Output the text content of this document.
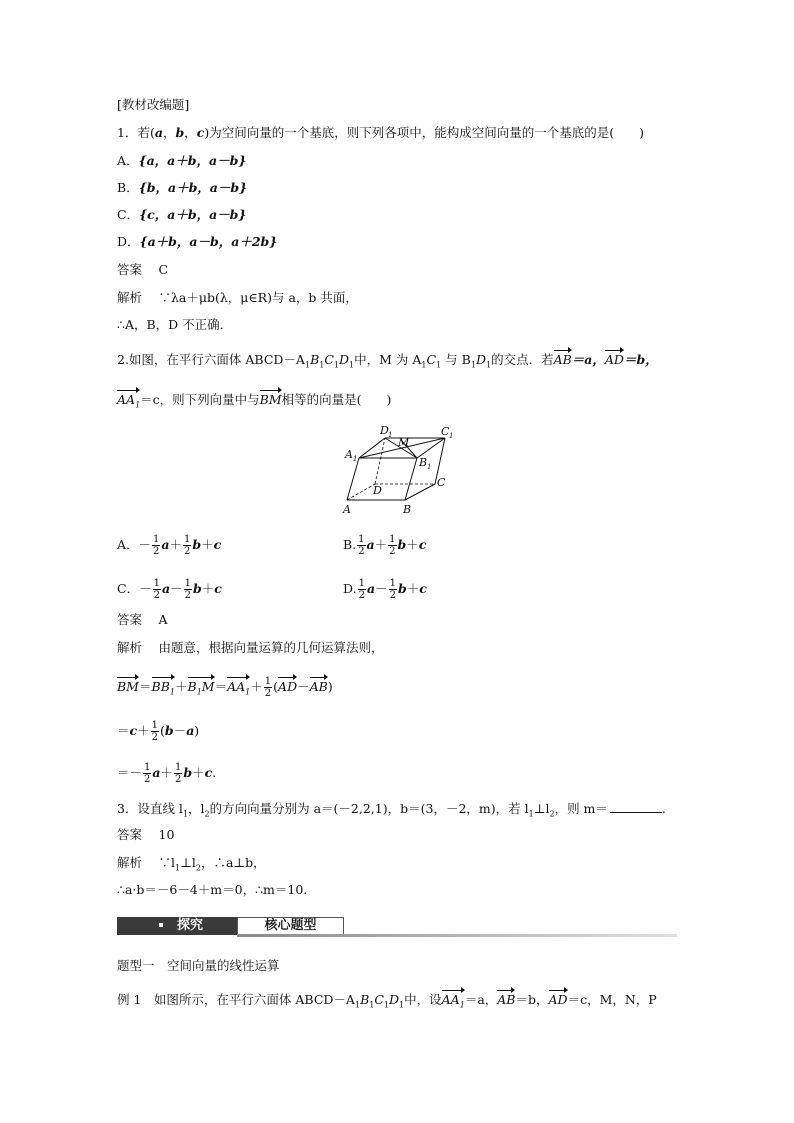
[教材改编题]
1．若(a，b，c)为空间向量的一个基底，则下列各项中，能构成空间向量的一个基底的是(　　)
A．{a，a＋b，a－b}
B．{b，a＋b，a－b}
C．{c，a＋b，a－b}
D．{a＋b，a－b，a＋2b}
答案　 C
解析　 ∵λa＋μb(λ，μ∈R)与 a，b 共面，
∴A，B，D 不正确．
2.如图，在平行六面体 $ABCD-A_1B_1C_1D_1$中，M 为 $A_1C_1$ 与 $B_1D_1$的交点．若AB＝a，AD＝b，
$AA_1=c$，则下列向量中与BM相等的向量是(　　)
A	B
C
D
A 1	B 1
C 1
D 1
M
A．－ $\frac{1}{2} a+ \frac{1}{2} b+c$	B. $\frac{1}{2} a+ \frac{1}{2} b+c$
C．－ $\frac{1}{2} a- \frac{1}{2} b+c$	D. $\frac{1}{2} a- \frac{1}{2} b+c$
答案　 A
解析　 由题意，根据向量运算的几何运算法则，
$BM=BB_1+B_1M=AA_1+ \frac{1}{2} (AD-AB)$
$=c+ \frac{1}{2} (b-a)$
＝－ $\frac{1}{2} a+ \frac{1}{2} b+c$.
3．设直线 $l_1$，$l_2$的方向向量分别为 a＝(－2,2,1)，b＝(3，－2，m)，若 $l_1\perp l_2$，则 m＝	.
答案　 10
解析　 $\because l_1\perp l_2$，∴a⊥b，
∴a·b＝－6－4＋m＝0，∴m＝10.
探究	核心题型
题型一　空间向量的线性运算
例 1　如图所示，在平行六面体 $ABCD-A_1B_1C_1D_1$中，设$AA_1=a$，AB＝b，AD＝c，M，N，P
